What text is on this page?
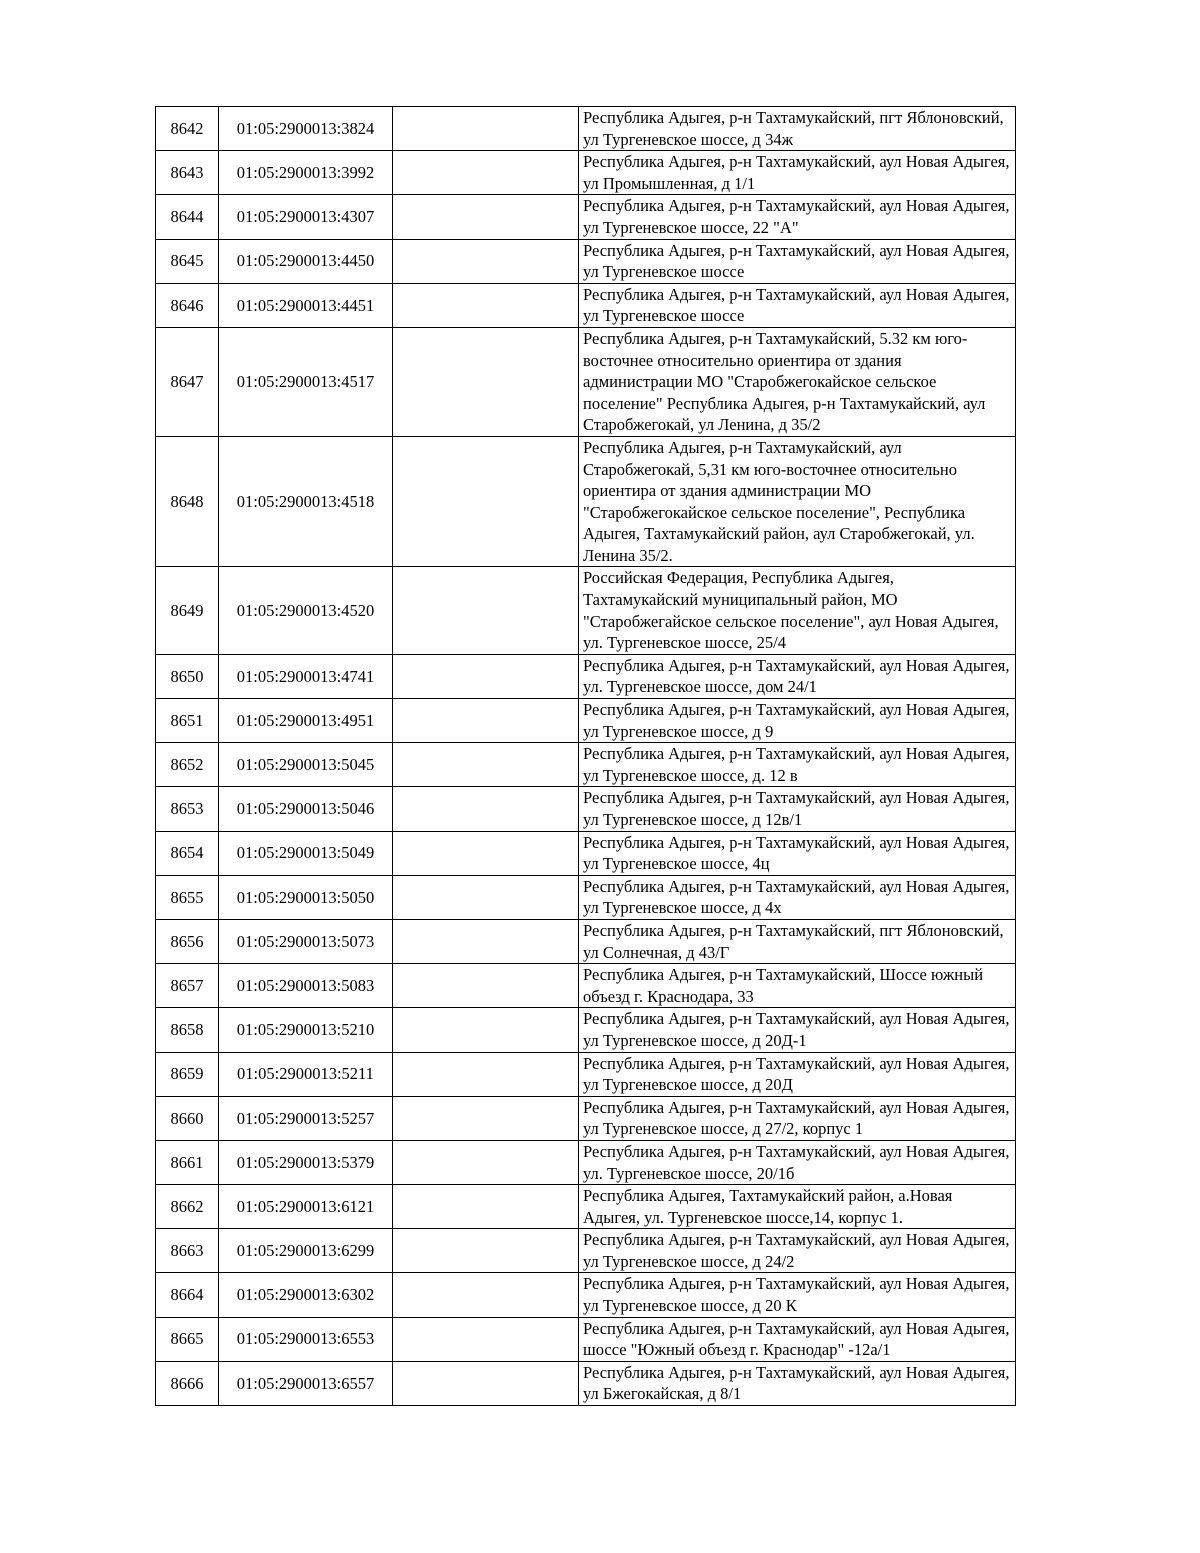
8642	01:05:2900013:3824		Республика Адыгея, р-н Тахтамукайский, пгт Яблоновский, ул Тургеневское шоссе, д 34ж
8643	01:05:2900013:3992		Республика Адыгея, р-н Тахтамукайский, аул Новая Адыгея, ул Промышленная, д 1/1
8644	01:05:2900013:4307		Республика Адыгея, р-н Тахтамукайский, аул Новая Адыгея, ул Тургеневское шоссе, 22 "А"
8645	01:05:2900013:4450		Республика Адыгея, р-н Тахтамукайский, аул Новая Адыгея, ул Тургеневское шоссе
8646	01:05:2900013:4451		Республика Адыгея, р-н Тахтамукайский, аул Новая Адыгея, ул Тургеневское шоссе
8647	01:05:2900013:4517		Республика Адыгея, р-н Тахтамукайский, 5.32 км юго-восточнее относительно ориентира от здания администрации МО "Старобжегокайское сельское поселение" Республика Адыгея, р-н Тахтамукайский, аул Старобжегокай, ул Ленина, д 35/2
8648	01:05:2900013:4518		Республика Адыгея, р-н Тахтамукайский, аул Старобжегокай, 5,31 км юго-восточнее относительно ориентира от здания администрации МО "Старобжегокайское сельское поселение", Республика Адыгея, Тахтамукайский район, аул Старобжегокай, ул. Ленина 35/2.
8649	01:05:2900013:4520		Российская Федерация, Республика Адыгея, Тахтамукайский муниципальный район, МО "Старобжегайское сельское поселение", аул Новая Адыгея, ул. Тургеневское шоссе, 25/4
8650	01:05:2900013:4741		Республика Адыгея, р-н Тахтамукайский, аул Новая Адыгея, ул. Тургеневское шоссе, дом 24/1
8651	01:05:2900013:4951		Республика Адыгея, р-н Тахтамукайский, аул Новая Адыгея, ул Тургеневское шоссе, д 9
8652	01:05:2900013:5045		Республика Адыгея, р-н Тахтамукайский, аул Новая Адыгея, ул Тургеневское шоссе, д. 12 в
8653	01:05:2900013:5046		Республика Адыгея, р-н Тахтамукайский, аул Новая Адыгея, ул Тургеневское шоссе, д 12в/1
8654	01:05:2900013:5049		Республика Адыгея, р-н Тахтамукайский, аул Новая Адыгея, ул Тургеневское шоссе, 4ц
8655	01:05:2900013:5050		Республика Адыгея, р-н Тахтамукайский, аул Новая Адыгея, ул Тургеневское шоссе, д 4х
8656	01:05:2900013:5073		Республика Адыгея, р-н Тахтамукайский, пгт Яблоновский, ул Солнечная, д 43/Г
8657	01:05:2900013:5083		Республика Адыгея, р-н Тахтамукайский, Шоссе южный объезд г. Краснодара, 33
8658	01:05:2900013:5210		Республика Адыгея, р-н Тахтамукайский, аул Новая Адыгея, ул Тургеневское шоссе, д 20Д-1
8659	01:05:2900013:5211		Республика Адыгея, р-н Тахтамукайский, аул Новая Адыгея, ул Тургеневское шоссе, д 20Д
8660	01:05:2900013:5257		Республика Адыгея, р-н Тахтамукайский, аул Новая Адыгея, ул Тургеневское шоссе, д 27/2, корпус 1
8661	01:05:2900013:5379		Республика Адыгея, р-н Тахтамукайский, аул Новая Адыгея, ул. Тургеневское шоссе, 20/1б
8662	01:05:2900013:6121		Республика Адыгея, Тахтамукайский район, а.Новая Адыгея, ул. Тургеневское шоссе,14, корпус 1.
8663	01:05:2900013:6299		Республика Адыгея, р-н Тахтамукайский, аул Новая Адыгея, ул Тургеневское шоссе, д 24/2
8664	01:05:2900013:6302		Республика Адыгея, р-н Тахтамукайский, аул Новая Адыгея, ул Тургеневское шоссе, д 20 К
8665	01:05:2900013:6553		Республика Адыгея, р-н Тахтамукайский, аул Новая Адыгея, шоссе "Южный объезд г. Краснодар" -12а/1
8666	01:05:2900013:6557		Республика Адыгея, р-н Тахтамукайский, аул Новая Адыгея, ул Бжегокайская, д 8/1
